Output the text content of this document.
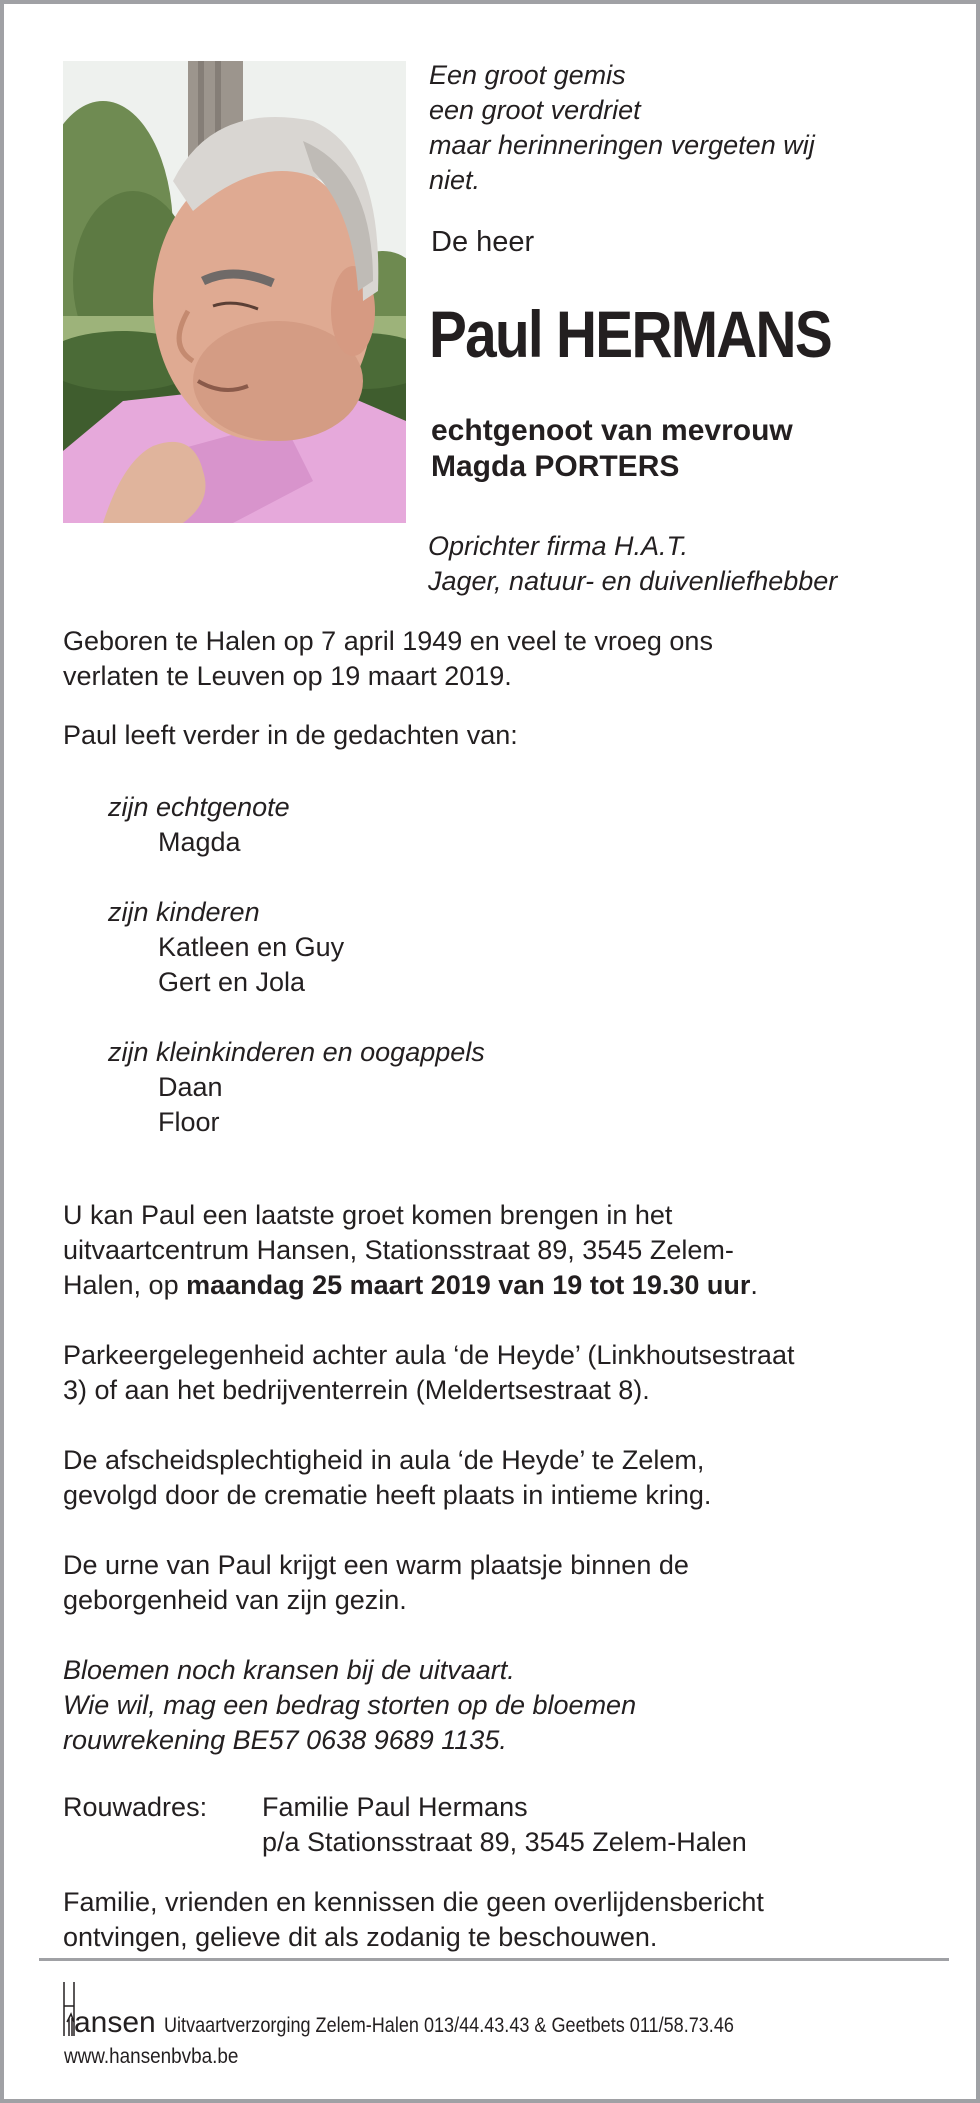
Een groot gemis
een groot verdriet
maar herinneringen vergeten wij
niet.
De heer
Paul HERMANS
echtgenoot van mevrouw
Magda PORTERS
Oprichter firma H.A.T.
Jager, natuur- en duivenliefhebber
Geboren te Halen op 7 april 1949 en veel te vroeg ons
verlaten te Leuven op 19 maart 2019.
Paul leeft verder in de gedachten van:
zijn echtgenote
Magda
zijn kinderen
Katleen en Guy
Gert en Jola
zijn kleinkinderen en oogappels
Daan
Floor
U kan Paul een laatste groet komen brengen in het
uitvaartcentrum Hansen, Stationsstraat 89, 3545 Zelem-
Halen, op maandag 25 maart 2019 van 19 tot 19.30 uur.
Parkeergelegenheid achter aula ‘de Heyde’ (Linkhoutsestraat
3) of aan het bedrijventerrein (Meldertsestraat 8).
De afscheidsplechtigheid in aula ‘de Heyde’ te Zelem,
gevolgd door de crematie heeft plaats in intieme kring.
De urne van Paul krijgt een warm plaatsje binnen de
geborgenheid van zijn gezin.
Bloemen noch kransen bij de uitvaart.
Wie wil, mag een bedrag storten op de bloemen
rouwrekening BE57 0638 9689 1135.
Rouwadres: Familie Paul Hermans
p/a Stationsstraat 89, 3545 Zelem-Halen
Familie, vrienden en kennissen die geen overlijdensbericht
ontvingen, gelieve dit als zodanig te beschouwen.
ansen Uitvaartverzorging Zelem-Halen 013/44.43.43 & Geetbets 011/58.73.46
www.hansenbvba.be
